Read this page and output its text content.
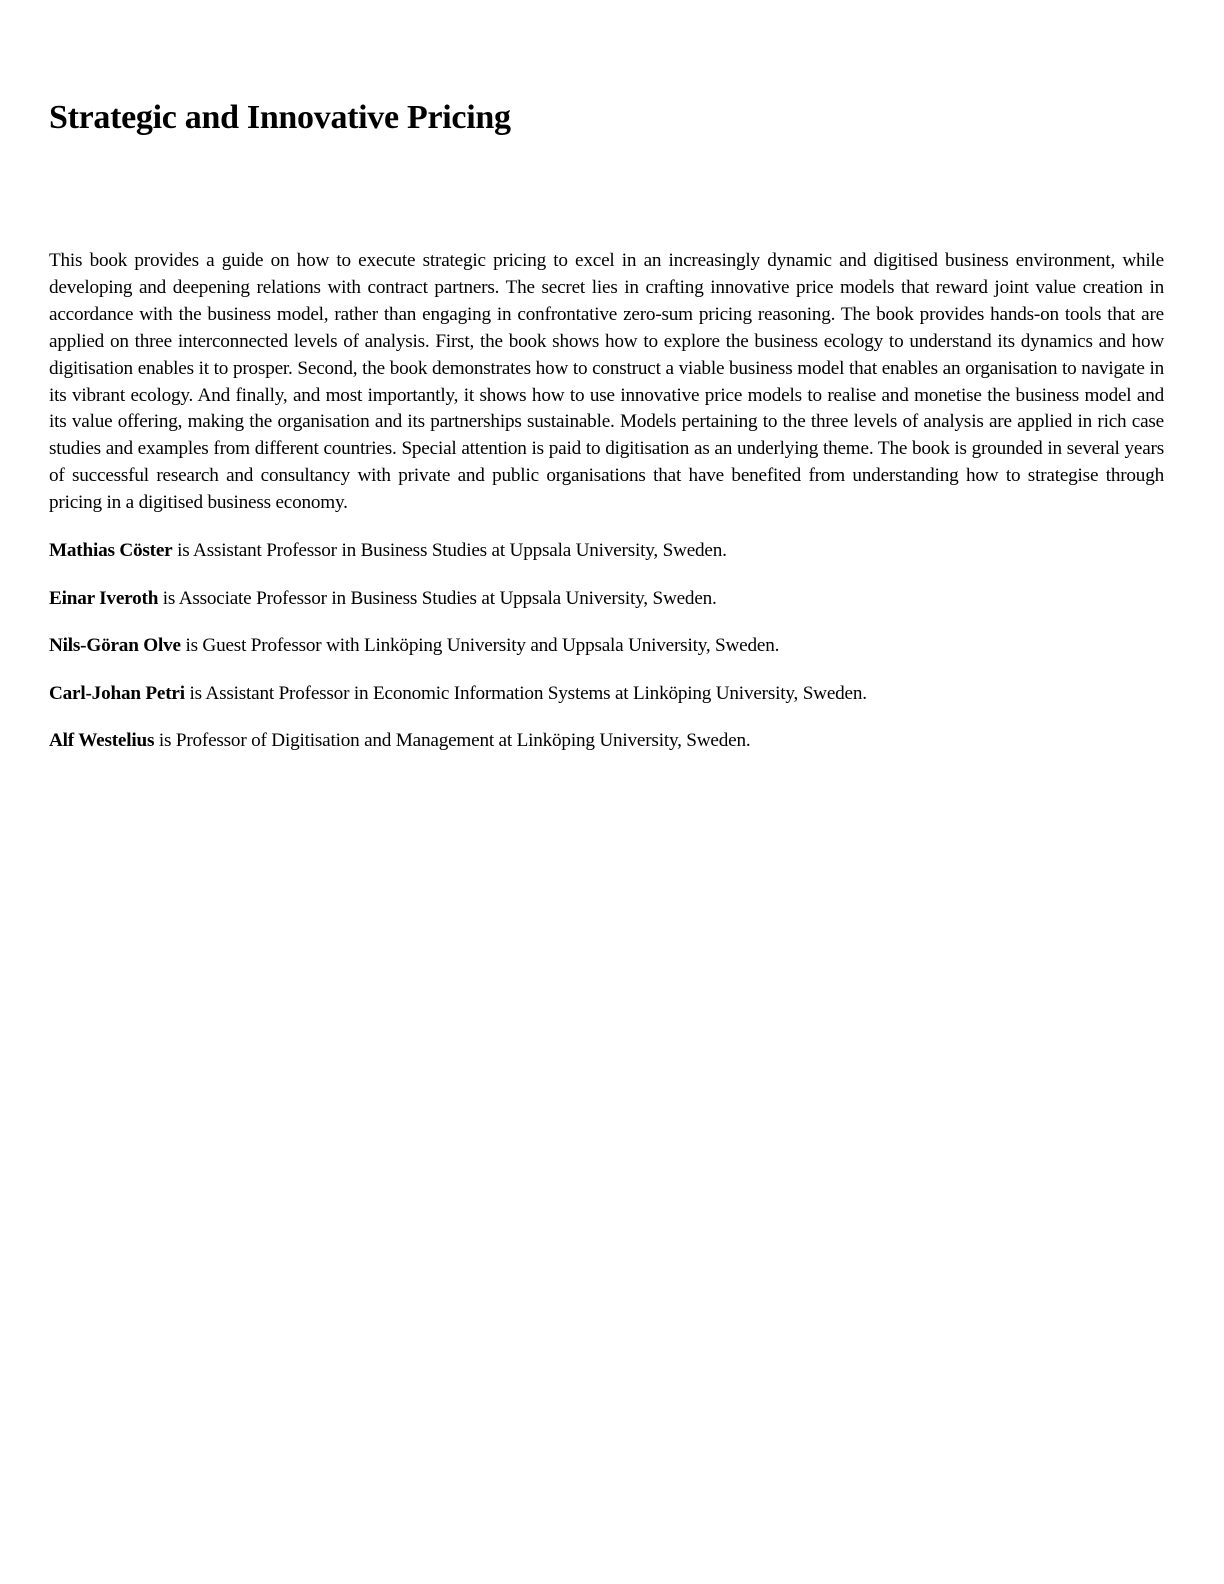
Strategic and Innovative Pricing

This book provides a guide on how to execute strategic pricing to excel in an increasingly dynamic and digitised business environment, while developing and deepening relations with contract partners. The secret lies in crafting innovative price models that reward joint value creation in accordance with the business model, rather than engaging in confrontative zero-sum pricing reasoning. The book provides hands-on tools that are applied on three interconnected levels of analysis. First, the book shows how to explore the business ecology to understand its dynamics and how digitisation enables it to prosper. Second, the book demonstrates how to construct a viable business model that enables an organisation to navigate in its vibrant ecology. And finally, and most importantly, it shows how to use innovative price models to realise and monetise the business model and its value offering, making the organisation and its partnerships sustainable. Models pertaining to the three levels of analysis are applied in rich case studies and examples from different countries. Special attention is paid to digitisation as an underlying theme. The book is grounded in several years of successful research and consultancy with private and public organisations that have benefited from understanding how to strategise through pricing in a digitised business economy.

Mathias Cöster is Assistant Professor in Business Studies at Uppsala University, Sweden.

Einar Iveroth is Associate Professor in Business Studies at Uppsala University, Sweden.

Nils-Göran Olve is Guest Professor with Linköping University and Uppsala University, Sweden.

Carl-Johan Petri is Assistant Professor in Economic Information Systems at Linköping University, Sweden.

Alf Westelius is Professor of Digitisation and Management at Linköping University, Sweden.
